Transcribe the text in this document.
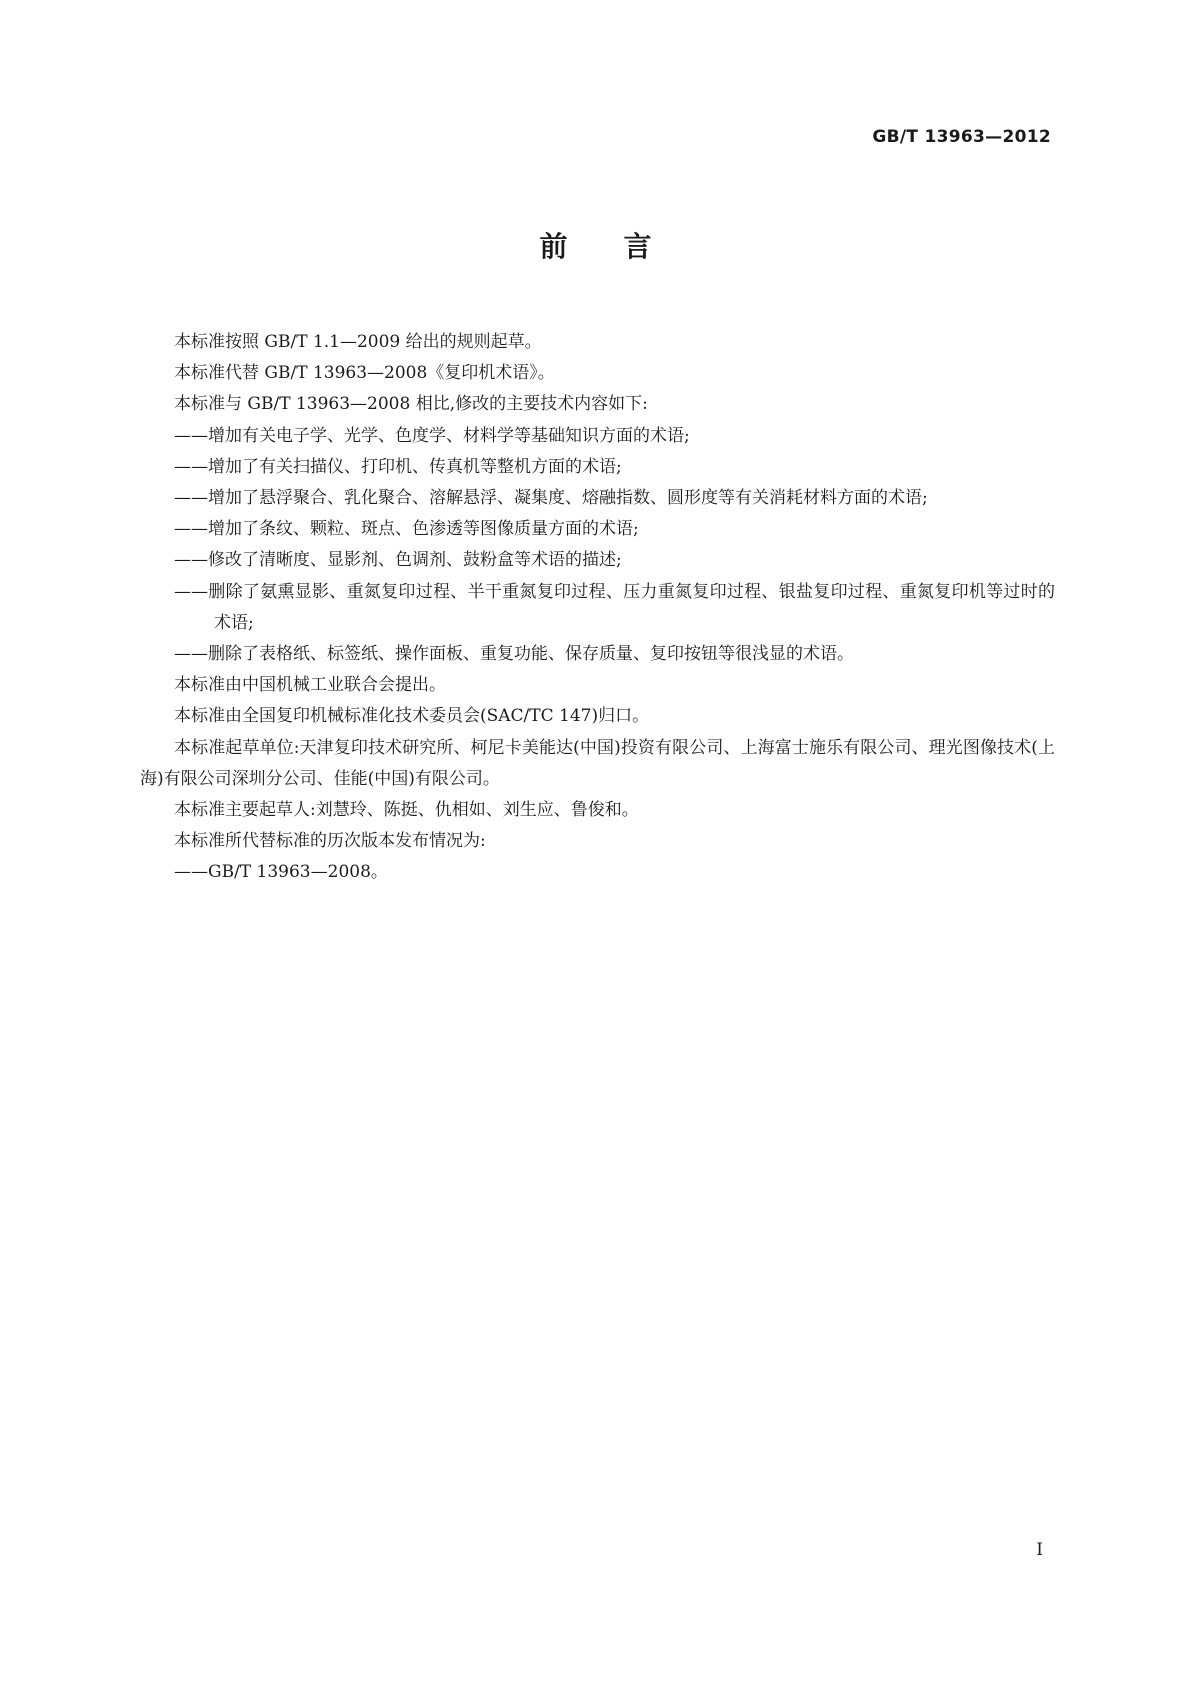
GB/T 13963—2012
前 言

本标准按照 GB/T 1.1—2009 给出的规则起草。

本标准代替 GB/T 13963—2008《复印机术语》。

本标准与 GB/T 13963—2008 相比,修改的主要技术内容如下:

——增加有关电子学、光学、色度学、材料学等基础知识方面的术语;

——增加了有关扫描仪、打印机、传真机等整机方面的术语;

——增加了悬浮聚合、乳化聚合、溶解悬浮、凝集度、熔融指数、圆形度等有关消耗材料方面的术语;

——增加了条纹、颗粒、斑点、色渗透等图像质量方面的术语;

——修改了清晰度、显影剂、色调剂、鼓粉盒等术语的描述;

——删除了氨熏显影、重氮复印过程、半干重氮复印过程、压力重氮复印过程、银盐复印过程、重氮复印机等过时的术语;

——删除了表格纸、标签纸、操作面板、重复功能、保存质量、复印按钮等很浅显的术语。

本标准由中国机械工业联合会提出。

本标准由全国复印机械标准化技术委员会(SAC/TC 147)归口。

本标准起草单位:天津复印技术研究所、柯尼卡美能达(中国)投资有限公司、上海富士施乐有限公司、理光图像技术(上海)有限公司深圳分公司、佳能(中国)有限公司。

本标准主要起草人:刘慧玲、陈挺、仇相如、刘生应、鲁俊和。

本标准所代替标准的历次版本发布情况为:

——GB/T 13963—2008。

I
